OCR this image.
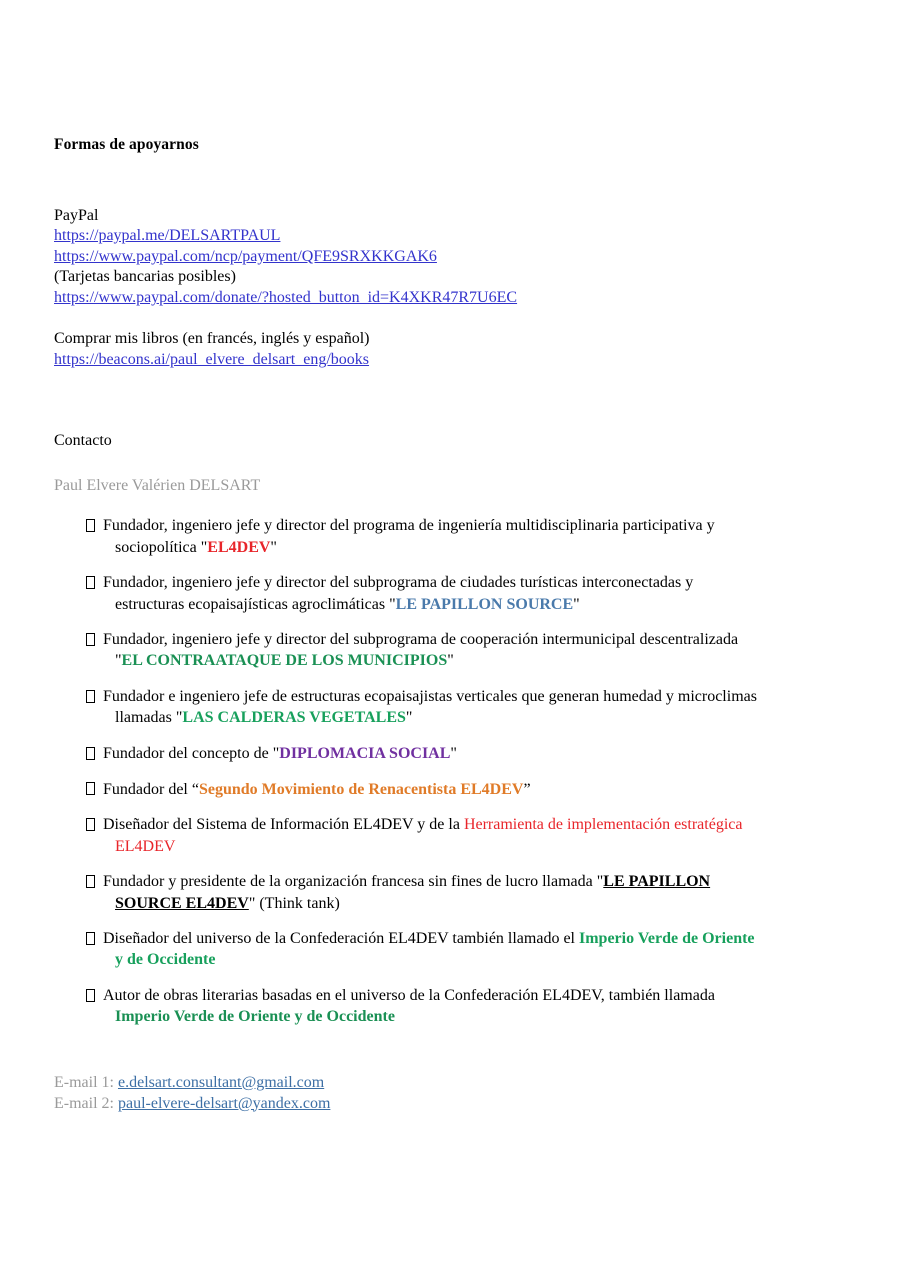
Formas de apoyarnos
PayPal
https://paypal.me/DELSARTPAUL
https://www.paypal.com/ncp/payment/QFE9SRXKKGAK6
(Tarjetas bancarias posibles)
https://www.paypal.com/donate/?hosted_button_id=K4XKR47R7U6EC
Comprar mis libros (en francés, inglés y español)
https://beacons.ai/paul_elvere_delsart_eng/books
Contacto
Paul Elvere Valérien DELSART
Fundador, ingeniero jefe y director del programa de ingeniería multidisciplinaria participativa y
sociopolítica "EL4DEV"
Fundador, ingeniero jefe y director del subprograma de ciudades turísticas interconectadas y
estructuras ecopaisajísticas agroclimáticas "LE PAPILLON SOURCE"
Fundador, ingeniero jefe y director del subprograma de cooperación intermunicipal descentralizada
"EL CONTRAATAQUE DE LOS MUNICIPIOS"
Fundador e ingeniero jefe de estructuras ecopaisajistas verticales que generan humedad y microclimas
llamadas "LAS CALDERAS VEGETALES"
Fundador del concepto de "DIPLOMACIA SOCIAL"
Fundador del “Segundo Movimiento de Renacentista EL4DEV”
Diseñador del Sistema de Información EL4DEV y de la Herramienta de implementación estratégica
EL4DEV
Fundador y presidente de la organización francesa sin fines de lucro llamada "LE PAPILLON
SOURCE EL4DEV" (Think tank)
Diseñador del universo de la Confederación EL4DEV también llamado el Imperio Verde de Oriente
y de Occidente
Autor de obras literarias basadas en el universo de la Confederación EL4DEV, también llamada
Imperio Verde de Oriente y de Occidente
E-mail 1: e.delsart.consultant@gmail.com
E-mail 2: paul-elvere-delsart@yandex.com
